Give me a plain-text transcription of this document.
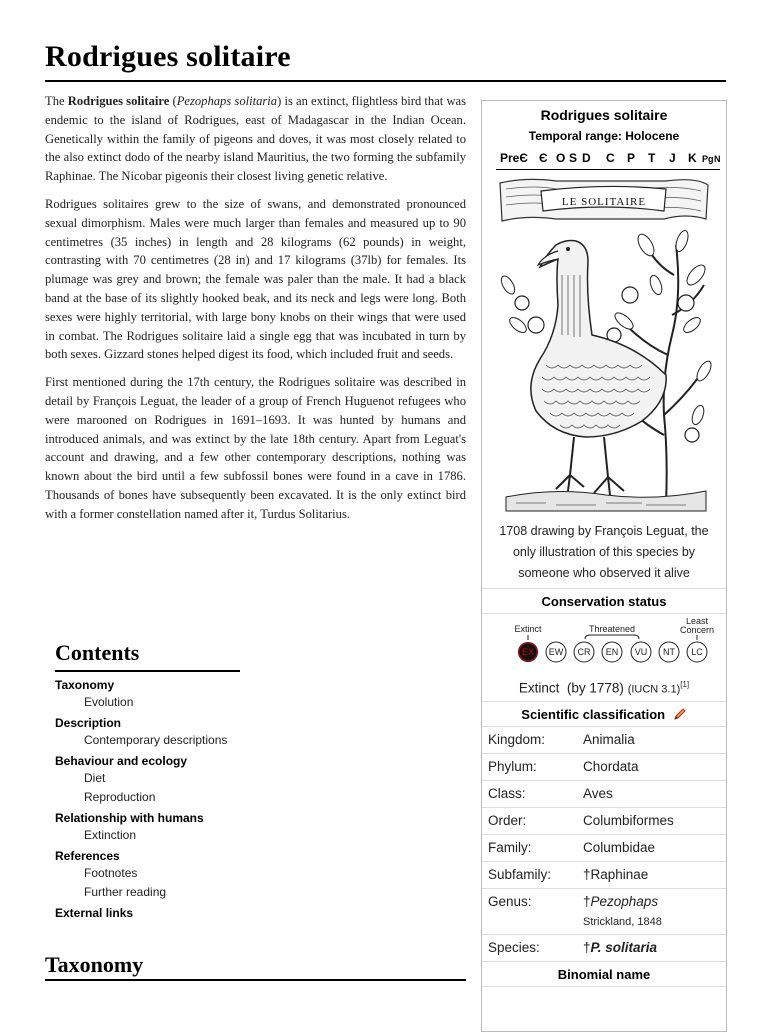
Rodrigues solitaire

The Rodrigues solitaire (Pezophaps solitaria) is an extinct, flightless bird that was endemic to the island of Rodrigues, east of Madagascar in the Indian Ocean. Genetically within the family of pigeons and doves, it was most closely related to the also extinct dodo of the nearby island Mauritius, the two forming the subfamily Raphinae. The Nicobar pigeonis their closest living genetic relative.

Rodrigues solitaires grew to the size of swans, and demonstrated pronounced sexual dimorphism. Males were much larger than females and measured up to 90 centimetres (35 inches) in length and 28 kilograms (62 pounds) in weight, contrasting with 70 centimetres (28 in) and 17 kilograms (37lb) for females. Its plumage was grey and brown; the female was paler than the male. It had a black band at the base of its slightly hooked beak, and its neck and legs were long. Both sexes were highly territorial, with large bony knobs on their wings that were used in combat. The Rodrigues solitaire laid a single egg that was incubated in turn by both sexes. Gizzard stones helped digest its food, which included fruit and seeds.

First mentioned during the 17th century, the Rodrigues solitaire was described in detail by François Leguat, the leader of a group of French Huguenot refugees who were marooned on Rodrigues in 1691–1693. It was hunted by humans and introduced animals, and was extinct by the late 18th century. Apart from Leguat's account and drawing, and a few other contemporary descriptions, nothing was known about the bird until a few subfossil bones were found in a cave in 1786. Thousands of bones have subsequently been excavated. It is the only extinct bird with a former constellation named after it, Turdus Solitarius.

Contents
Taxonomy
Evolution
Description
Contemporary descriptions
Behaviour and ecology
Diet
Reproduction
Relationship with humans
Extinction
References
Footnotes
Further reading
External links
Taxonomy
Rodrigues solitaire
Temporal range: Holocene
PreЄ Є O S D C P T J K Pg N
LE SOLITAIRE
1708 drawing by François Leguat, the only illustration of this species by someone who observed it alive
Conservation status
Extinct	Threatened
Least
Concern
EX EW CR EN VU NT LC
Extinct (by 1778) (IUCN 3.1)[1]
Scientific classification
Kingdom:	Animalia
Phylum:	Chordata
Class:	Aves
Order:	Columbiformes
Family:	Columbidae
Subfamily:	†Raphinae
Genus:	†Pezophaps
Strickland, 1848
Species:	†P. solitaria
Binomial name
